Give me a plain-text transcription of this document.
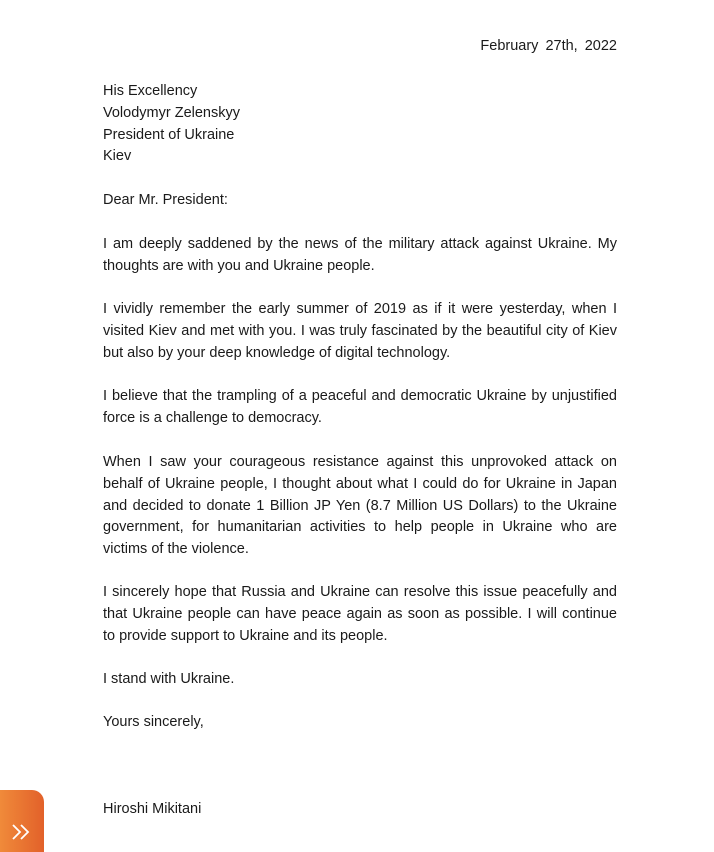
February 27th, 2022
His Excellency
Volodymyr Zelenskyy
President of Ukraine
Kiev
Dear Mr. President:
I am deeply saddened by the news of the military attack against Ukraine. My thoughts are with you and Ukraine people.
I vividly remember the early summer of 2019 as if it were yesterday, when I visited Kiev and met with you. I was truly fascinated by the beautiful city of Kiev but also by your deep knowledge of digital technology.
I believe that the trampling of a peaceful and democratic Ukraine by unjustified force is a challenge to democracy.
When I saw your courageous resistance against this unprovoked attack on behalf of Ukraine people, I thought about what I could do for Ukraine in Japan and decided to donate 1 Billion JP Yen (8.7 Million US Dollars) to the Ukraine government, for humanitarian activities to help people in Ukraine who are victims of the violence.
I sincerely hope that Russia and Ukraine can resolve this issue peacefully and that Ukraine people can have peace again as soon as possible. I will continue to provide support to Ukraine and its people.
I stand with Ukraine.
Yours sincerely,
Hiroshi Mikitani
